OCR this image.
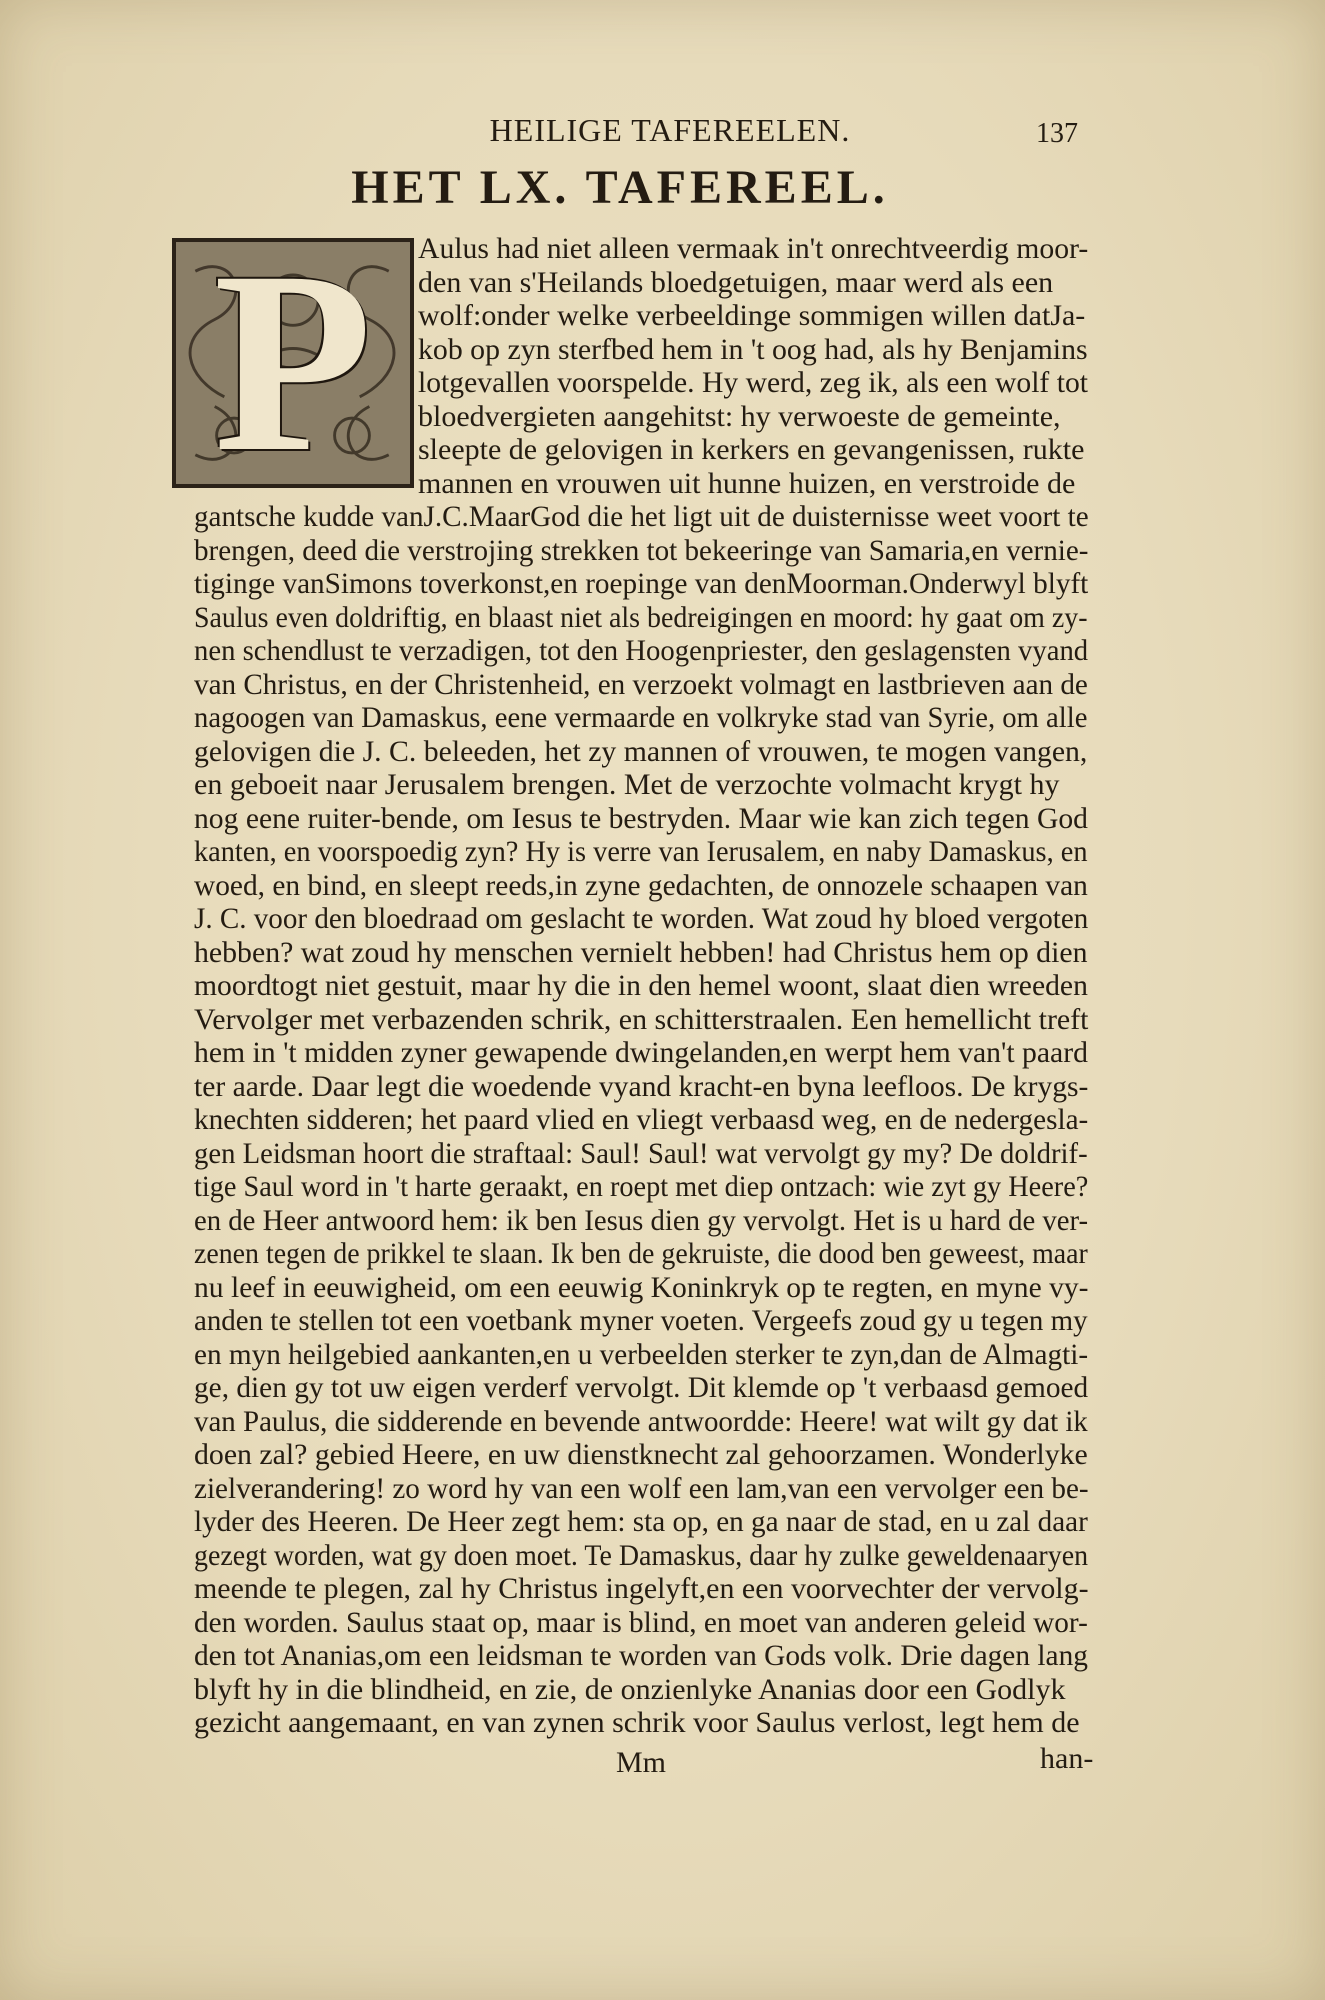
HEILIGE TAFEREELEN.	137
HET LX. TAFEREEL.
P	Aulus had niet alleen vermaak in't onrechtveerdig moor-
den van s'Heilands bloedgetuigen, maar werd als een
wolf:onder welke verbeeldinge sommigen willen datJa-
kob op zyn sterfbed hem in 't oog had, als hy Benjamins
lotgevallen voorspelde. Hy werd, zeg ik, als een wolf tot
bloedvergieten aangehitst: hy verwoeste de gemeinte,
sleepte de gelovigen in kerkers en gevangenissen, rukte
mannen en vrouwen uit hunne huizen, en verstroide de
gantsche kudde vanJ.C.MaarGod die het ligt uit de duisternisse weet voort te
brengen, deed die verstrojing strekken tot bekeeringe van Samaria,en vernie-
tiginge vanSimons toverkonst,en roepinge van denMoorman.Onderwyl blyft
Saulus even doldriftig, en blaast niet als bedreigingen en moord: hy gaat om zy-
nen schendlust te verzadigen, tot den Hoogenpriester, den geslagensten vyand
van Christus, en der Christenheid, en verzoekt volmagt en lastbrieven aan de
nagoogen van Damaskus, eene vermaarde en volkryke stad van Syrie, om alle
gelovigen die J. C. beleeden, het zy mannen of vrouwen, te mogen vangen,
en geboeit naar Jerusalem brengen. Met de verzochte volmacht krygt hy
nog eene ruiter-bende, om Iesus te bestryden. Maar wie kan zich tegen God
kanten, en voorspoedig zyn? Hy is verre van Ierusalem, en naby Damaskus, en
woed, en bind, en sleept reeds,in zyne gedachten, de onnozele schaapen van
J. C. voor den bloedraad om geslacht te worden. Wat zoud hy bloed vergoten
hebben? wat zoud hy menschen vernielt hebben! had Christus hem op dien
moordtogt niet gestuit, maar hy die in den hemel woont, slaat dien wreeden
Vervolger met verbazenden schrik, en schitterstraalen. Een hemellicht treft
hem in 't midden zyner gewapende dwingelanden,en werpt hem van't paard
ter aarde. Daar legt die woedende vyand kracht-en byna leefloos. De krygs-
knechten sidderen; het paard vlied en vliegt verbaasd weg, en de nedergesla-
gen Leidsman hoort die straftaal: Saul! Saul! wat vervolgt gy my? De doldrif-
tige Saul word in 't harte geraakt, en roept met diep ontzach: wie zyt gy Heere?
en de Heer antwoord hem: ik ben Iesus dien gy vervolgt. Het is u hard de ver-
zenen tegen de prikkel te slaan. Ik ben de gekruiste, die dood ben geweest, maar
nu leef in eeuwigheid, om een eeuwig Koninkryk op te regten, en myne vy-
anden te stellen tot een voetbank myner voeten. Vergeefs zoud gy u tegen my
en myn heilgebied aankanten,en u verbeelden sterker te zyn,dan de Almagti-
ge, dien gy tot uw eigen verderf vervolgt. Dit klemde op 't verbaasd gemoed
van Paulus, die sidderende en bevende antwoordde: Heere! wat wilt gy dat ik
doen zal? gebied Heere, en uw dienstknecht zal gehoorzamen. Wonderlyke
zielverandering! zo word hy van een wolf een lam,van een vervolger een be-
lyder des Heeren. De Heer zegt hem: sta op, en ga naar de stad, en u zal daar
gezegt worden, wat gy doen moet. Te Damaskus, daar hy zulke geweldenaaryen
meende te plegen, zal hy Christus ingelyft,en een voorvechter der vervolg-
den worden. Saulus staat op, maar is blind, en moet van anderen geleid wor-
den tot Ananias,om een leidsman te worden van Gods volk. Drie dagen lang
blyft hy in die blindheid, en zie, de onzienlyke Ananias door een Godlyk
gezicht aangemaant, en van zynen schrik voor Saulus verlost, legt hem de
Mm	han-
